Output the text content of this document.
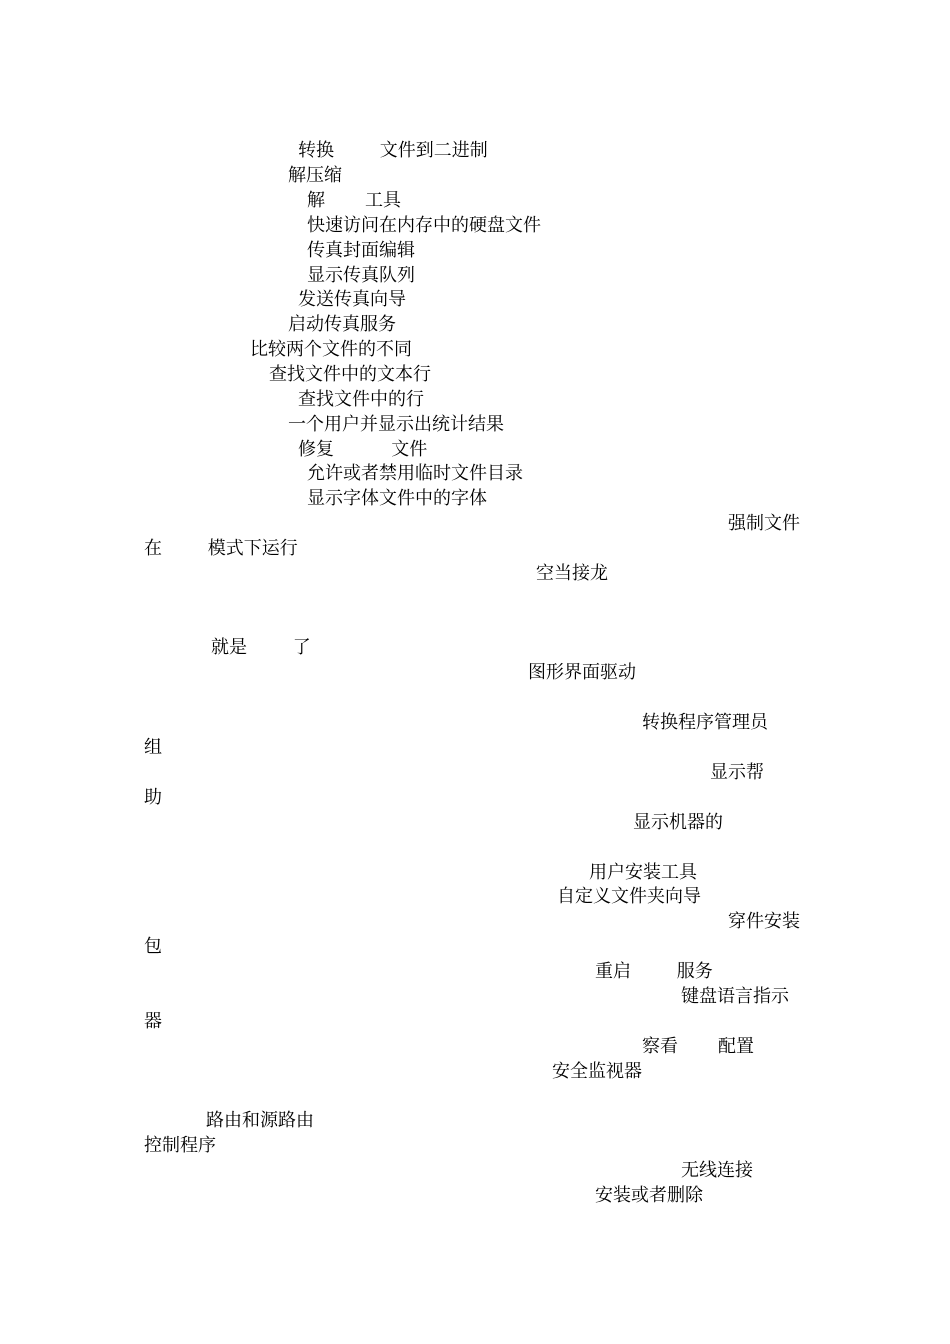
转换        文件到二进制
解压缩
解       工具
快速访问在内存中的硬盘文件
传真封面编辑
显示传真队列
发送传真向导
启动传真服务
比较两个文件的不同
查找文件中的文本行
查找文件中的行
一个用户并显示出统计结果
修复          文件
允许或者禁用临时文件目录
显示字体文件中的字体
强制文件
在        模式下运行
空当接龙
就是        了
图形界面驱动
转换程序管理员
组
显示帮
助
显示机器的
用户安装工具
自定义文件夹向导
穿件安装
包
重启        服务
键盘语言指示
器
察看       配置
安全监视器
路由和源路由
控制程序
无线连接
安装或者删除
